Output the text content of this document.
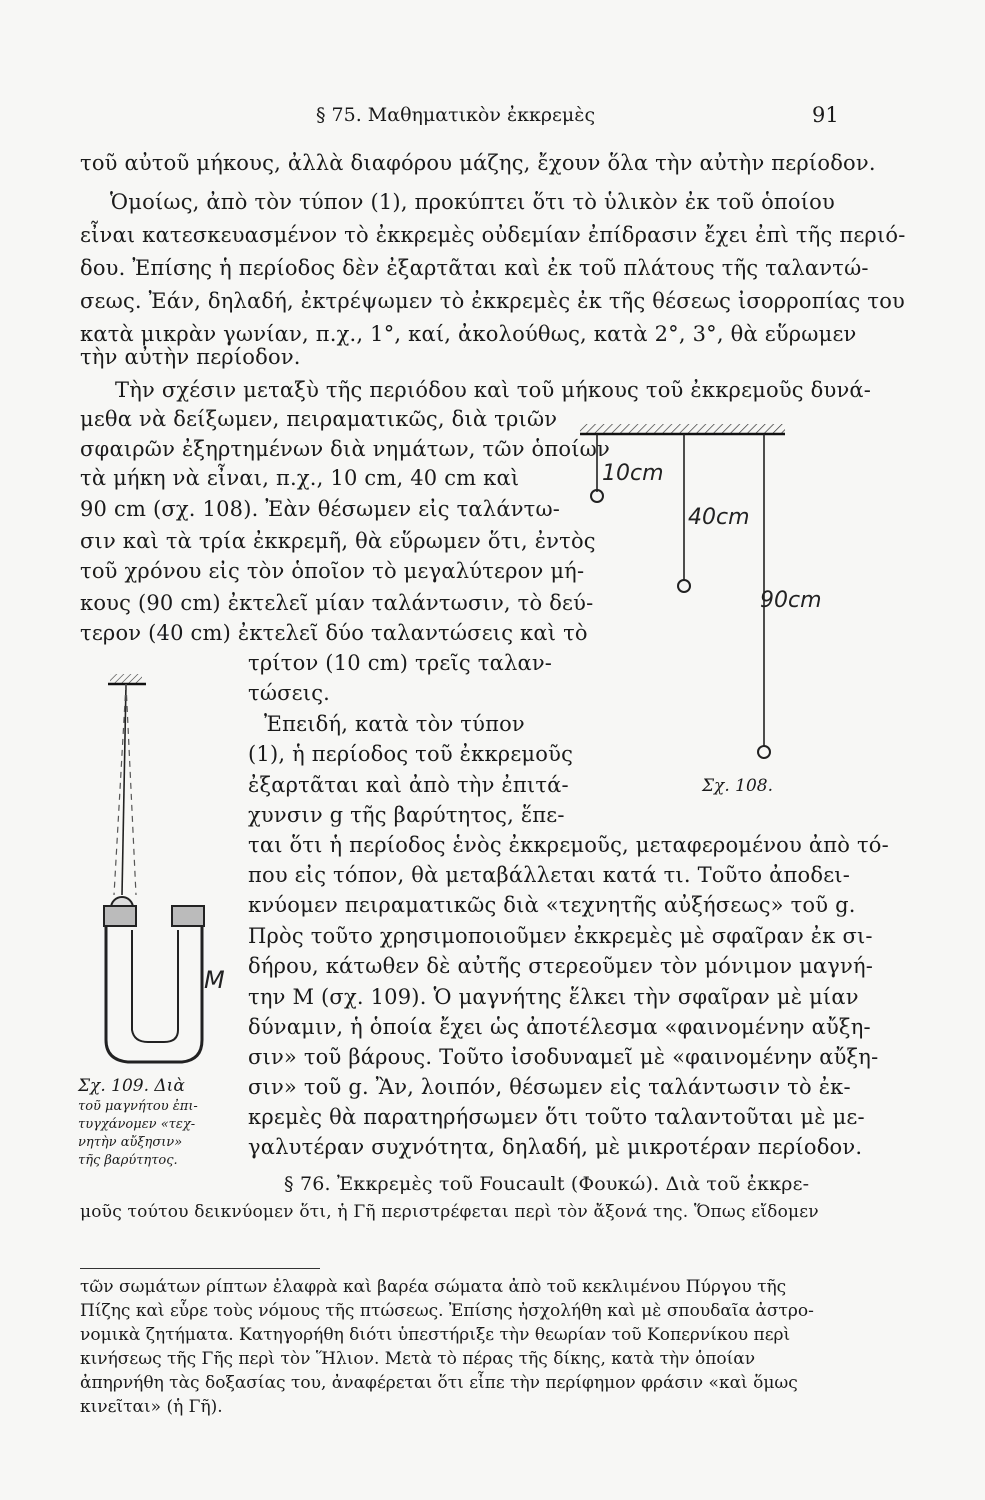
§ 75. Μαθηματικὸν ἐκκρεμὲς	91
τοῦ αὐτοῦ μήκους, ἀλλὰ διαφόρου μάζης, ἔχουν ὅλα τὴν αὐτὴν περίοδον.
Ὁμοίως, ἀπὸ τὸν τύπον (1), προκύπτει ὅτι τὸ ὑλικὸν ἐκ τοῦ ὁποίου
εἶναι κατεσκευασμένον τὸ ἐκκρεμὲς οὐδεμίαν ἐπίδρασιν ἔχει ἐπὶ τῆς περιό-
δου. Ἐπίσης ἡ περίοδος δὲν ἐξαρτᾶται καὶ ἐκ τοῦ πλάτους τῆς ταλαντώ-
σεως. Ἐάν, δηλαδή, ἐκτρέψωμεν τὸ ἐκκρεμὲς ἐκ τῆς θέσεως ἰσορροπίας του
κατὰ μικρὰν γωνίαν, π.χ., 1°, καί, ἀκολούθως, κατὰ 2°, 3°, θὰ εὕρωμεν
τὴν αὐτὴν περίοδον.
Τὴν σχέσιν μεταξὺ τῆς περιόδου καὶ τοῦ μήκους τοῦ ἐκκρεμοῦς δυνά-
μεθα νὰ δείξωμεν, πειραματικῶς, διὰ τριῶν
σφαιρῶν ἐξηρτημένων διὰ νημάτων, τῶν ὁποίων
τὰ μήκη νὰ εἶναι, π.χ., 10 cm, 40 cm καὶ
90 cm (σχ. 108). Ἐὰν θέσωμεν εἰς ταλάντω-
σιν καὶ τὰ τρία ἐκκρεμῆ, θὰ εὕρωμεν ὅτι, ἐντὸς
τοῦ χρόνου εἰς τὸν ὁποῖον τὸ μεγαλύτερον μή-
κους (90 cm) ἐκτελεῖ μίαν ταλάντωσιν, τὸ δεύ-
τερον (40 cm) ἐκτελεῖ δύο ταλαντώσεις καὶ τὸ
τρίτον (10 cm) τρεῖς ταλαν-
τώσεις.
Ἐπειδή, κατὰ τὸν τύπον
(1), ἡ περίοδος τοῦ ἐκκρεμοῦς
ἐξαρτᾶται καὶ ἀπὸ τὴν ἐπιτά-
χυνσιν g τῆς βαρύτητος, ἕπε-
ται ὅτι ἡ περίοδος ἑνὸς ἐκκρεμοῦς, μεταφερομένου ἀπὸ τό-
που εἰς τόπον, θὰ μεταβάλλεται κατά τι. Τοῦτο ἀποδει-
κνύομεν πειραματικῶς διὰ «τεχνητῆς αὐξήσεως» τοῦ g.
Πρὸς τοῦτο χρησιμοποιοῦμεν ἐκκρεμὲς μὲ σφαῖραν ἐκ σι-
δήρου, κάτωθεν δὲ αὐτῆς στερεοῦμεν τὸν μόνιμον μαγνή-
την M (σχ. 109). Ὁ μαγνήτης ἕλκει τὴν σφαῖραν μὲ μίαν
δύναμιν, ἡ ὁποία ἔχει ὡς ἀποτέλεσμα «φαινομένην αὔξη-
σιν» τοῦ βάρους. Τοῦτο ἰσοδυναμεῖ μὲ «φαινομένην αὔξη-
σιν» τοῦ g. Ἂν, λοιπόν, θέσωμεν εἰς ταλάντωσιν τὸ ἐκ-
κρεμὲς θὰ παρατηρήσωμεν ὅτι τοῦτο ταλαντοῦται μὲ με-
γαλυτέραν συχνότητα, δηλαδή, μὲ μικροτέραν περίοδον.
§ 76. Ἐκκρεμὲς τοῦ Foucault (Φουκώ). Διὰ τοῦ ἐκκρε-
μοῦς τούτου δεικνύομεν ὅτι, ἡ Γῆ περιστρέφεται περὶ τὸν ἄξονά της. Ὅπως εἴδομεν
10cm
40cm
90cm
Σχ. 108.
M
Σχ. 109. Διὰ
τοῦ μαγνήτου ἐπι-
τυγχάνομεν «τεχ-
νητὴν αὔξησιν»
τῆς βαρύτητος.
τῶν σωμάτων ρίπτων ἐλαφρὰ καὶ βαρέα σώματα ἀπὸ τοῦ κεκλιμένου Πύργου τῆς
Πίζης καὶ εὗρε τοὺς νόμους τῆς πτώσεως. Ἐπίσης ἠσχολήθη καὶ μὲ σπουδαῖα ἀστρο-
νομικὰ ζητήματα. Κατηγορήθη διότι ὑπεστήριξε τὴν θεωρίαν τοῦ Κοπερνίκου περὶ
κινήσεως τῆς Γῆς περὶ τὸν Ἥλιον. Μετὰ τὸ πέρας τῆς δίκης, κατὰ τὴν ὁποίαν
ἀπηρνήθη τὰς δοξασίας του, ἀναφέρεται ὅτι εἶπε τὴν περίφημον φράσιν «καὶ ὅμως
κινεῖται» (ἡ Γῆ).
